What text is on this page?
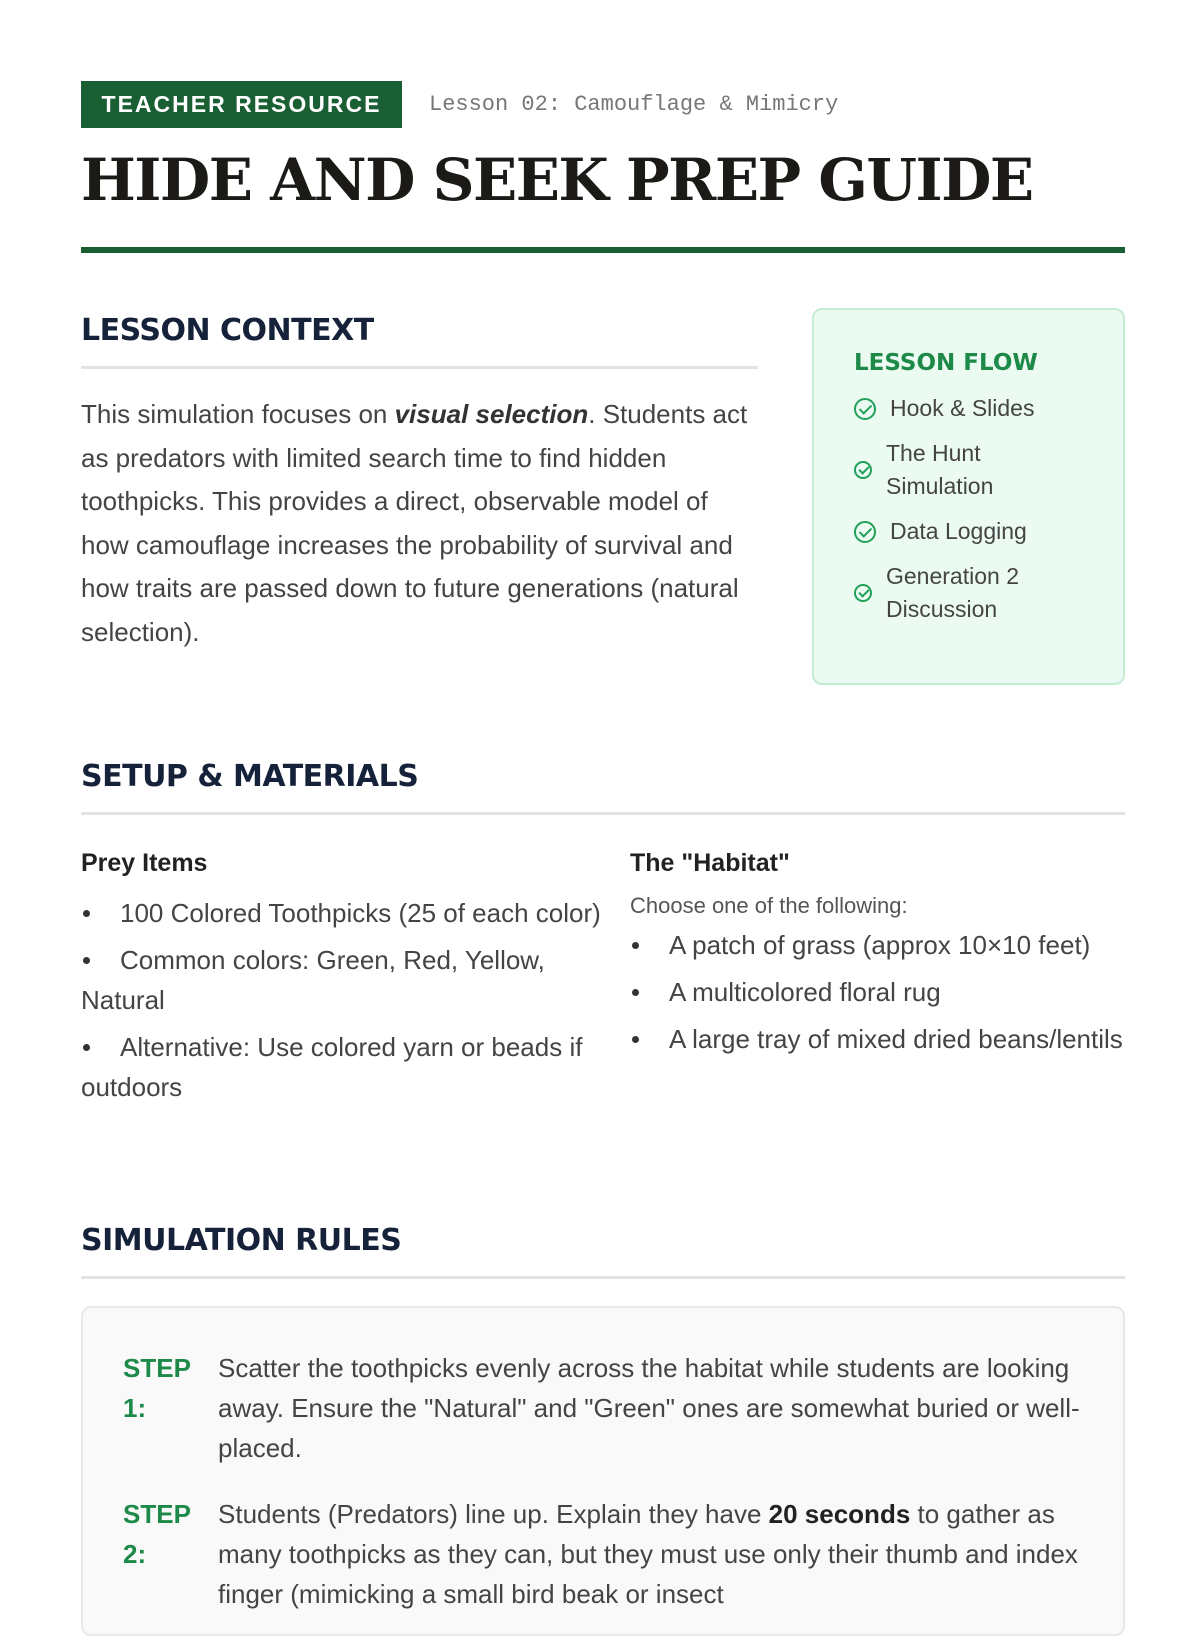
TEACHER RESOURCE	Lesson 02: Camouflage & Mimicry
HIDE AND SEEK PREP GUIDE
LESSON CONTEXT

This simulation focuses on visual selection. Students act as predators with limited search time to find hidden toothpicks. This provides a direct, observable model of how camouflage increases the probability of survival and how traits are passed down to future generations (natural selection).

LESSON FLOW
Hook & Slides
The Hunt Simulation
Data Logging
Generation 2 Discussion
SETUP & MATERIALS
Prey Items
100 Colored Toothpicks (25 of each color)
Common colors: Green, Red, Yellow, Natural
Alternative: Use colored yarn or beads if outdoors
The "Habitat"

Choose one of the following:

A patch of grass (approx 10×10 feet)
A multicolored floral rug
A large tray of mixed dried beans/lentils
SIMULATION RULES
STEP 1:
Scatter the toothpicks evenly across the habitat while students are looking away. Ensure the "Natural" and "Green" ones are somewhat buried or well-placed.
STEP 2:
Students (Predators) line up. Explain they have 20 seconds to gather as many toothpicks as they can, but they must use only their thumb and index finger (mimicking a small bird beak or insect
